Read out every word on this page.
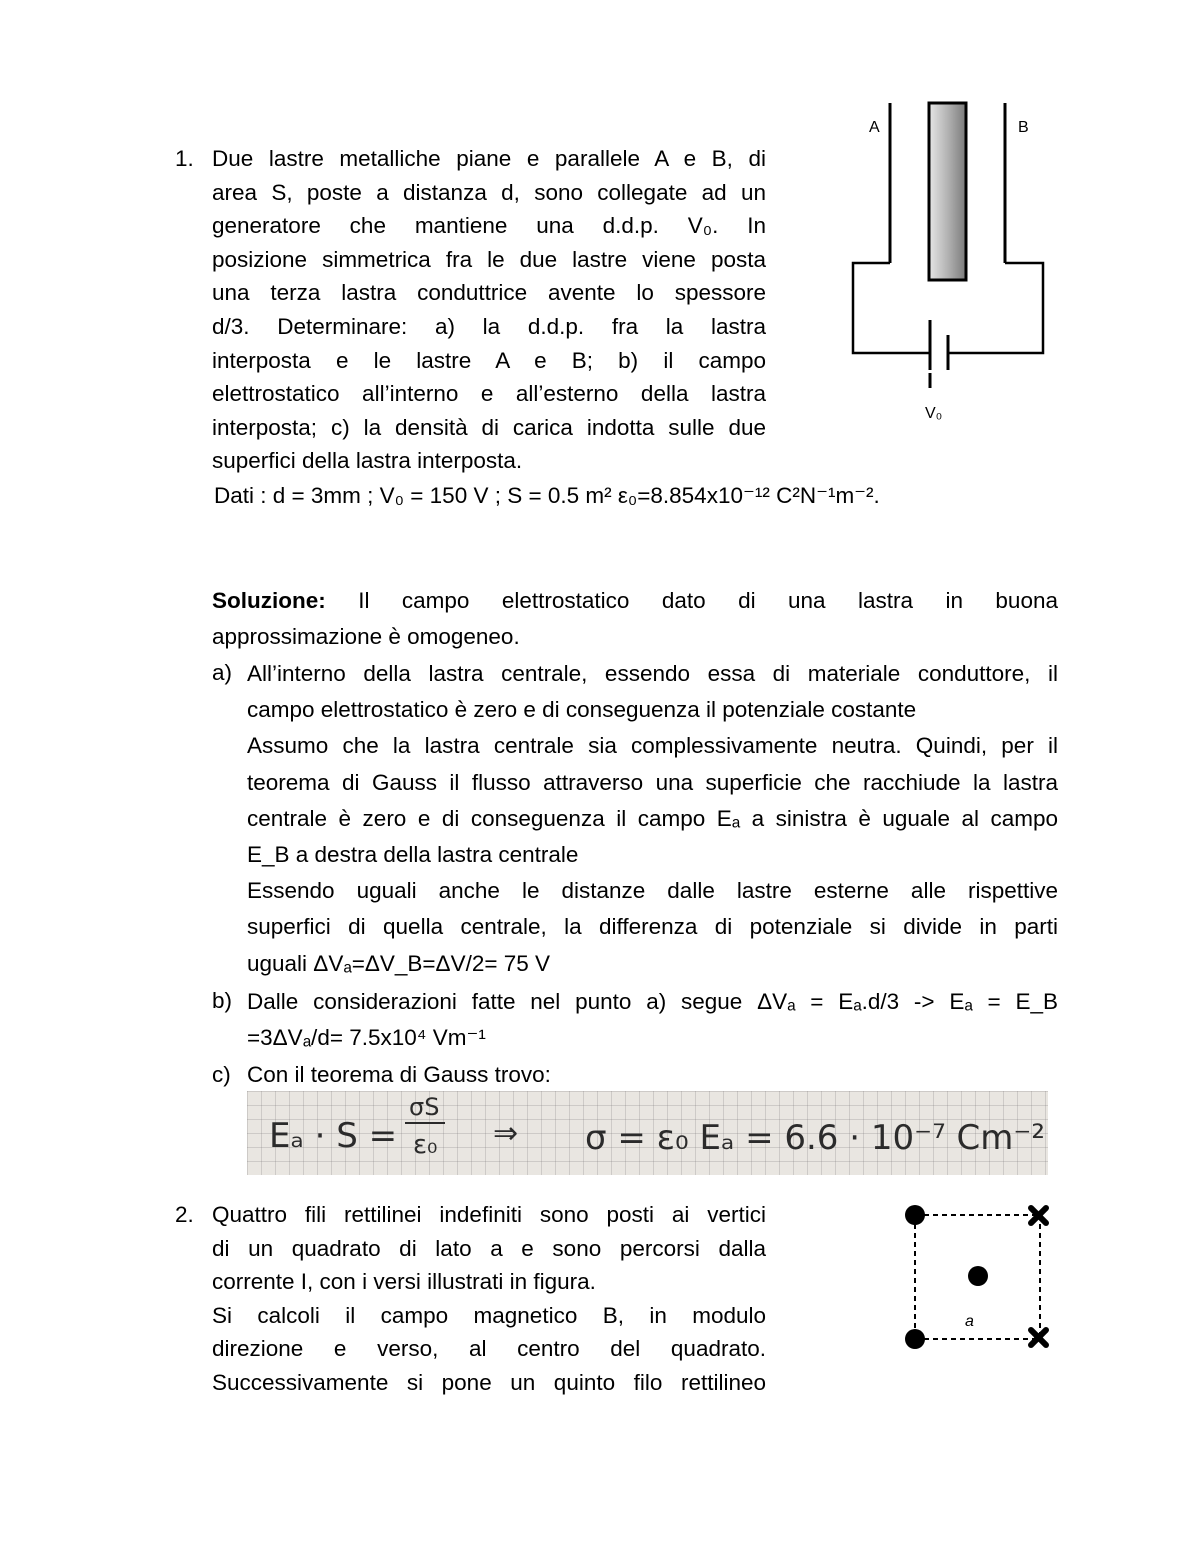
1. Due lastre metalliche piane e parallele A e B, di
area S, poste a distanza d, sono collegate ad un
generatore che mantiene una d.d.p. V₀. In
posizione simmetrica fra le due lastre viene posta
una terza lastra conduttrice avente lo spessore
d/3. Determinare: a) la d.d.p. fra la lastra
interposta e le lastre A e B; b) il campo
elettrostatico all’interno e all’esterno della lastra
interposta; c) la densità di carica indotta sulle due
superfici della lastra interposta.
Dati : d = 3mm ; V₀ = 150 V ; S = 0.5 m² ε₀=8.854x10⁻¹² C²N⁻¹m⁻².
A	B
V₀
Soluzione: Il campo elettrostatico dato di una lastra in buona
approssimazione è omogeneo.
a) All’interno della lastra centrale, essendo essa di materiale conduttore, il
campo elettrostatico è zero e di conseguenza il potenziale costante
Assumo che la lastra centrale sia complessivamente neutra. Quindi, per il
teorema di Gauss il flusso attraverso una superficie che racchiude la lastra
centrale è zero e di conseguenza il campo Eₐ a sinistra è uguale al campo
E_B a destra della lastra centrale
Essendo uguali anche le distanze dalle lastre esterne alle rispettive
superfici di quella centrale, la differenza di potenziale si divide in parti
uguali ΔVₐ=ΔV_B=ΔV/2= 75 V
b) Dalle considerazioni fatte nel punto a) segue ΔVₐ = Eₐ.d/3 -> Eₐ = E_B
=3ΔVₐ/d= 7.5x10⁴ Vm⁻¹
c) Con il teorema di Gauss trovo:
Eₐ · S =
σS
ε₀ ⇒ σ = ε₀ Eₐ = 6.6 · 10⁻⁷ Cm⁻²
2. Quattro fili rettilinei indefiniti sono posti ai vertici
di un quadrato di lato a e sono percorsi dalla
corrente I, con i versi illustrati in figura.
Si calcoli il campo magnetico B, in modulo
direzione e verso, al centro del quadrato.
Successivamente si pone un quinto filo rettilineo
a
